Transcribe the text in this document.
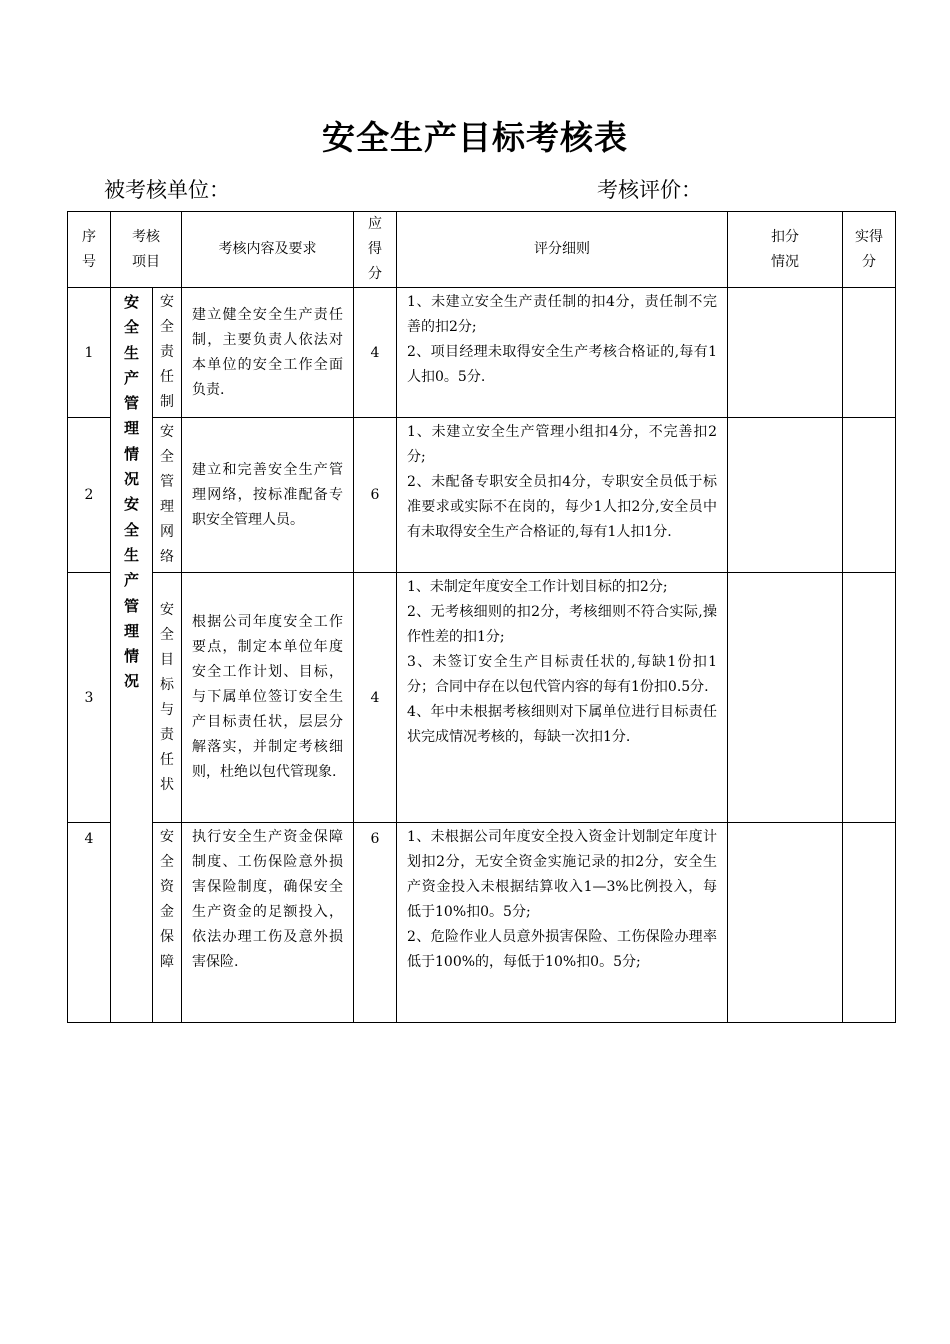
安全生产目标考核表
被考核单位：	考核评价：
序号	考核项目		考核内容及要求	应得分	评分细则	扣分情况	实得分

1	安全生产管理情况安全生产管理情况	安全责任制	建立健全安全生产责任制，主要负责人依法对本单位的安全工作全面负责.	4	1、未建立安全生产责任制的扣4分，责任制不完善的扣2分;
2、项目经理未取得安全生产考核合格证的,每有1人扣0。5分.		

2		安全管理网络	建立和完善安全生产管理网络，按标准配备专职安全管理人员。	6	1、未建立安全生产管理小组扣4分，不完善扣2分;
2、未配备专职安全员扣4分，专职安全员低于标准要求或实际不在岗的，每少1人扣2分,安全员中有未取得安全生产合格证的,每有1人扣1分.		

3		安全目标与责任状	根据公司年度安全工作要点，制定本单位年度安全工作计划、目标，与下属单位签订安全生产目标责任状，层层分解落实，并制定考核细则，杜绝以包代管现象.	4	1、未制定年度安全工作计划目标的扣2分;
2、无考核细则的扣2分，考核细则不符合实际,操作性差的扣1分;
3、未签订安全生产目标责任状的,每缺1份扣1分；合同中存在以包代管内容的每有1份扣0.5分.
4、年中未根据考核细则对下属单位进行目标责任状完成情况考核的，每缺一次扣1分.		

4		安全资金保障	执行安全生产资金保障制度、工伤保险意外损害保险制度，确保安全生产资金的足额投入，依法办理工伤及意外损害保险.	6	1、未根据公司年度安全投入资金计划制定年度计划扣2分，无安全资金实施记录的扣2分，安全生产资金投入未根据结算收入1—3%比例投入，每低于10%扣0。5分;
2、危险作业人员意外损害保险、工伤保险办理率低于100%的，每低于10%扣0。5分;		
